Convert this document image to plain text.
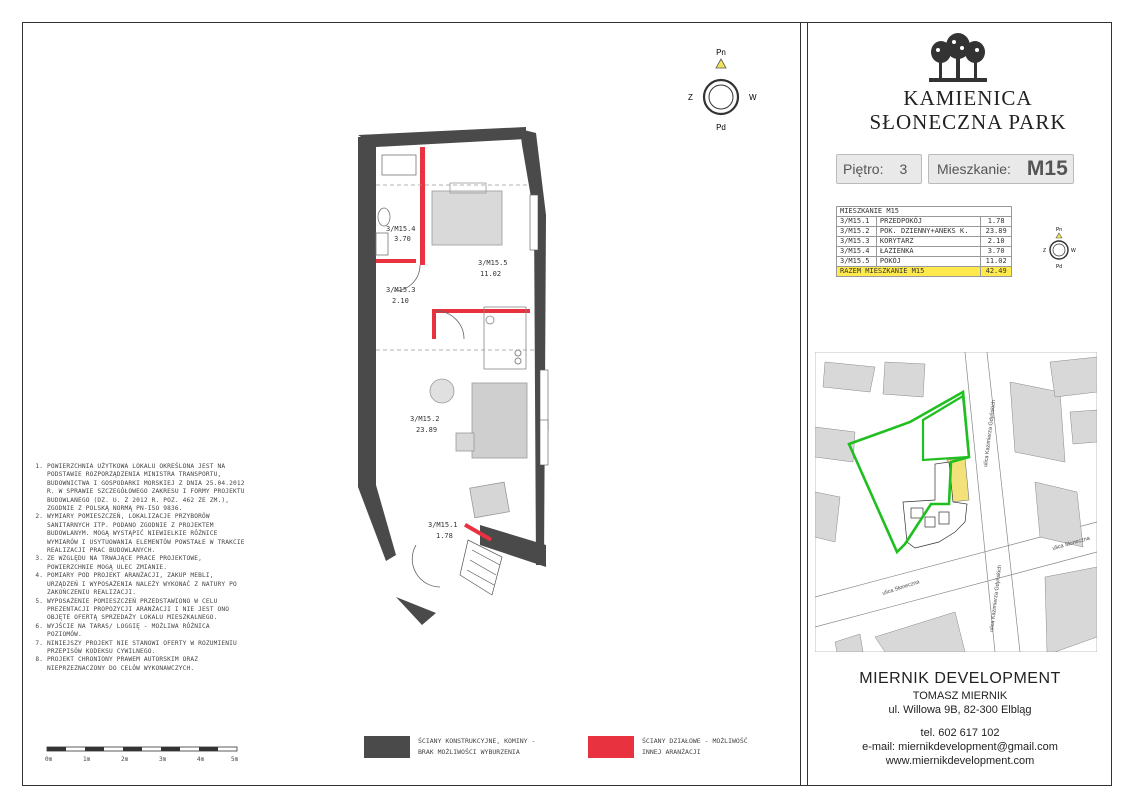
Pn
W
Pd
Z
3/M15.4
3.70
3/M15.5
11.02
3/M15.3
2.10
3/M15.2
23.89
3/M15.1
1.78
1. POWIERZCHNIA UŻYTKOWA LOKALU OKREŚLONA JEST NA PODSTAWIE ROZPORZĄDZENIA MINISTRA TRANSPORTU, BUDOWNICTWA I GOSPODARKI MORSKIEJ Z DNIA 25.04.2012 R. W SPRAWIE SZCZEGÓŁOWEGO ZAKRESU I FORMY PROJEKTU BUDOWLANEGO (DZ. U. Z 2012 R. POZ. 462 ZE ZM.), ZGODNIE Z POLSKĄ NORMĄ PN-ISO 9836.
2. WYMIARY POMIESZCZEŃ, LOKALIZACJE PRZYBORÓW SANITARNYCH ITP. PODANO ZGODNIE Z PROJEKTEM BUDOWLANYM. MOGĄ WYSTĄPIĆ NIEWIELKIE RÓŻNICE WYMIARÓW I USYTUOWANIA ELEMENTÓW POWSTAŁE W TRAKCIE REALIZACJI PRAC BUDOWLANYCH.
3. ZE WZGLĘDU NA TRWAJĄCE PRACE PROJEKTOWE, POWIERZCHNIE MOGĄ ULEC ZMIANIE.
4. POMIARY POD PROJEKT ARANŻACJI, ZAKUP MEBLI, URZĄDZEŃ I WYPOSAŻENIA NALEŻY WYKONAĆ Z NATURY PO ZAKOŃCZENIU REALIZACJI.
5. WYPOSAŻENIE POMIESZCZEŃ PRZEDSTAWIONO W CELU PREZENTACJI PROPOZYCJI ARANŻACJI I NIE JEST ONO OBJĘTE OFERTĄ SPRZEDAŻY LOKALU MIESZKALNEGO.
6. WYJŚCIE NA TARAS/ LOGGIĘ - MOŻLIWA RÓŻNICA POZIOMÓW.
7. NINIEJSZY PROJEKT NIE STANOWI OFERTY W ROZUMIENIU PRZEPISÓW KODEKSU CYWILNEGO.
8. PROJEKT CHRONIONY PRAWEM AUTORSKIM ORAZ NIEPRZEZNACZONY DO CELÓW WYKONAWCZYCH.
0m	1m	2m	3m	4m	5m
ŚCIANY KONSTRUKCYJNE, KOMINY -
BRAK MOŻLIWOŚCI WYBURZENIA
ŚCIANY DZIAŁOWE - MOŻLIWOŚĆ
INNEJ ARANŻACJI
KAMIENICA
SŁONECZNA PARK
Piętro: 3 Mieszkanie: M15
MIESZKANIE M15		
3/M15.1	PRZEDPOKÓJ	1.78
3/M15.2	POK. DZIENNY+ANEKS K.	23.89
3/M15.3	KORYTARZ	2.10
3/M15.4	ŁAZIENKA	3.70
3/M15.5	POKÓJ	11.02
RAZEM MIESZKANIE M15		42.49
Pn
W
Pd
Z
ulica Kazimierza Gdyńskich
ulica Słoneczna
ulica Słoneczna	ulica Kazimierza Gdyńskich
MIERNIK DEVELOPMENT
TOMASZ MIERNIK
ul. Willowa 9B, 82-300 Elbląg
tel. 602 617 102
e-mail: miernikdevelopment@gmail.com
www.miernikdevelopment.com
